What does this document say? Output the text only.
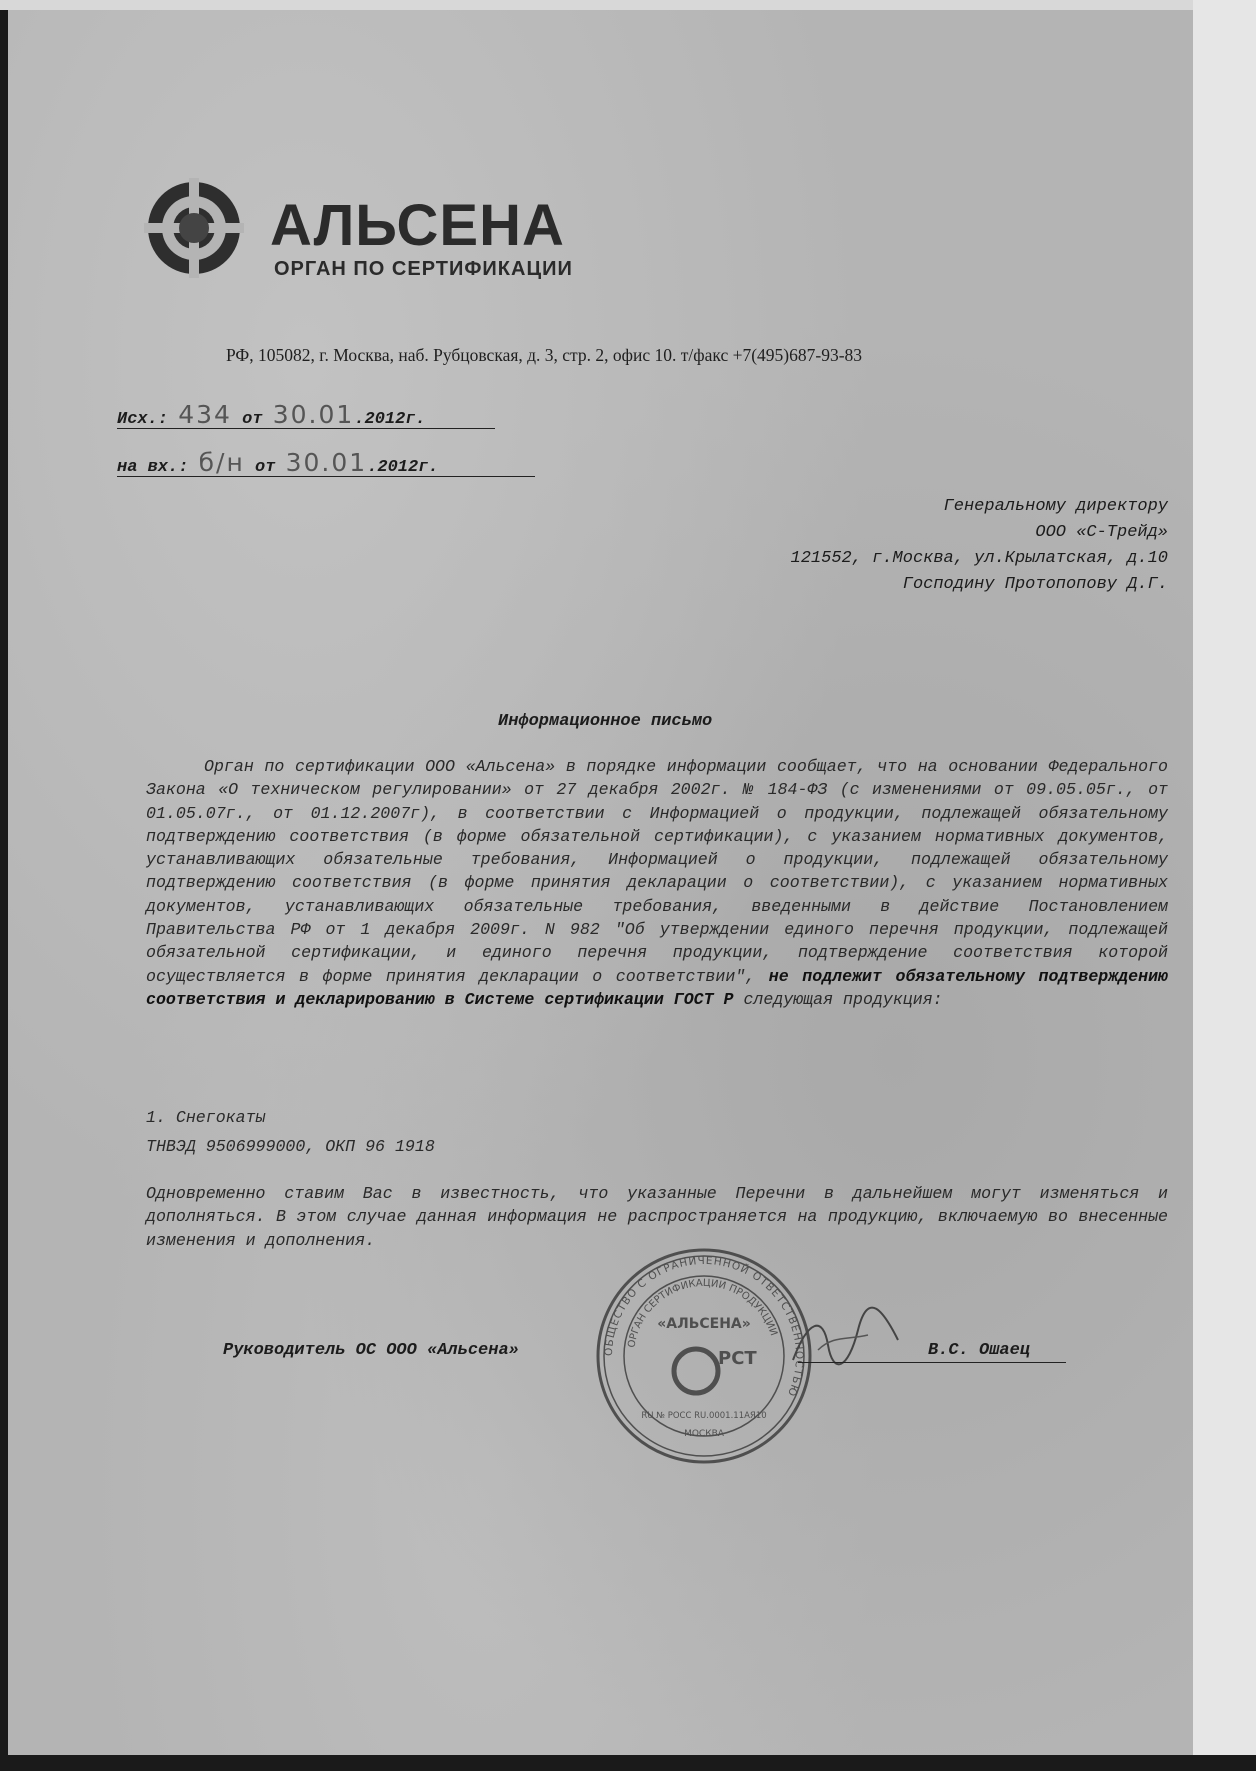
АЛЬСЕНА
ОРГАН ПО СЕРТИФИКАЦИИ
РФ, 105082, г. Москва, наб. Рубцовская, д. 3, стр. 2, офис 10. т/факс +7(495)687-93-83
Исх.: 434 от 30.01.2012г.
на вх.: б/н от 30.01.2012г.
Генеральному директору
ООО «С-Трейд»
121552, г.Москва, ул.Крылатская, д.10
Господину Протопопову Д.Г.
Информационное письмо

Орган по сертификации ООО «Альсена» в порядке информации сообщает, что на основании Федерального Закона «О техническом регулировании» от 27 декабря 2002г. № 184-ФЗ (с изменениями от 09.05.05г., от 01.05.07г., от 01.12.2007г), в соответствии с Информацией о продукции, подлежащей обязательному подтверждению соответствия (в форме обязательной сертификации), с указанием нормативных документов, устанавливающих обязательные требования, Информацией о продукции, подлежащей обязательному подтверждению соответствия (в форме принятия декларации о соответствии), с указанием нормативных документов, устанавливающих обязательные требования, введенными в действие Постановлением Правительства РФ от 1 декабря 2009г. N 982 "Об утверждении единого перечня продукции, подлежащей обязательной сертификации, и единого перечня продукции, подтверждение соответствия которой осуществляется в форме принятия декларации о соответствии", не подлежит обязательному подтверждению соответствия и декларированию в Системе сертификации ГОСТ Р следующая продукция:

1. Снегокаты
ТНВЭД 9506999000, ОКП 96 1918
Одновременно ставим Вас в известность, что указанные Перечни в дальнейшем могут изменяться и дополняться. В этом случае данная информация не распространяется на продукцию, включаемую во внесенные изменения и дополнения.
ОБЩЕСТВО С ОГРАНИЧЕННОЙ ОТВЕТСТВЕННОСТЬЮ
ОРГАН СЕРТИФИКАЦИИ ПРОДУКЦИИ
«АЛЬСЕНА»
РСТ
RU № РОСС RU.0001.11АЯ10
МОСКВА
Руководитель ОС ООО «Альсена»	В.С. Ошаец
